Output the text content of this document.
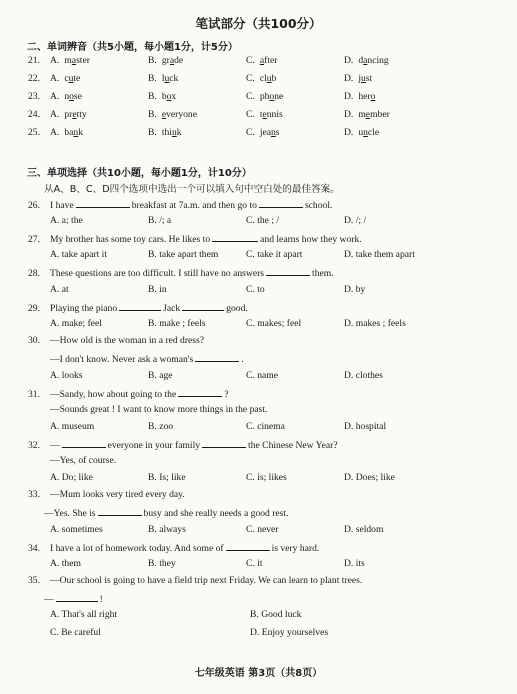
笔试部分（共100分）
二、单词辨音（共5小题，每小题1分，计5分）
21.	A. master	B. grade	C. after	D. dancing
22.	A. cute	B. luck	C. club	D. just
23.	A. nose	B. box	C. phone	D. hero
24.	A. pretty	B. everyone	C. tennis	D. member
25.	A. bank	B. think	C. jeans	D. uncle
三、单项选择（共10小题，每小题1分，计10分）
从A、B、C、D四个选项中选出一个可以填入句中空白处的最佳答案。
26. I have	breakfast at 7a.m. and then go to	school.
A. a; the	B. /; a	C. the ; /	D. /; /
27. My brother has some toy cars. He likes to	and learns how they work.
A. take apart it	B. take apart them	C. take it apart	D. take them apart
28. These questions are too difficult. I still have no answers	them.
A. at	B. in	C. to	D. by
29. Playing the piano	Jack	good.
A. make; feel	B. make ; feels	C. makes; feel	D. makes ; feels
30. —How old is the woman in a red dress?
—I don't know. Never ask a woman's	.
A. looks	B. age	C. name	D. clothes
31. —Sandy, how about going to the	?
—Sounds great ! I want to know more things in the past.
A. museum	B. zoo	C. cinema	D. hospital
32. —	everyone in your family	the Chinese New Year?
—Yes, of course.
A. Do; like	B. Is; like	C. is; likes	D. Does; like
33. —Mum looks very tired every day.
—Yes. She is	busy and she really needs a good rest.
A. sometimes	B. always	C. never	D. seldom
34. I have a lot of homework today. And some of	is very hard.
A. them	B. they	C. it	D. its
35. —Our school is going to have a field trip next Friday. We can learn to plant trees.
—	!
A. That's all right	B. Good luck
C. Be careful	D. Enjoy yourselves
七年级英语 第3页（共8页）
